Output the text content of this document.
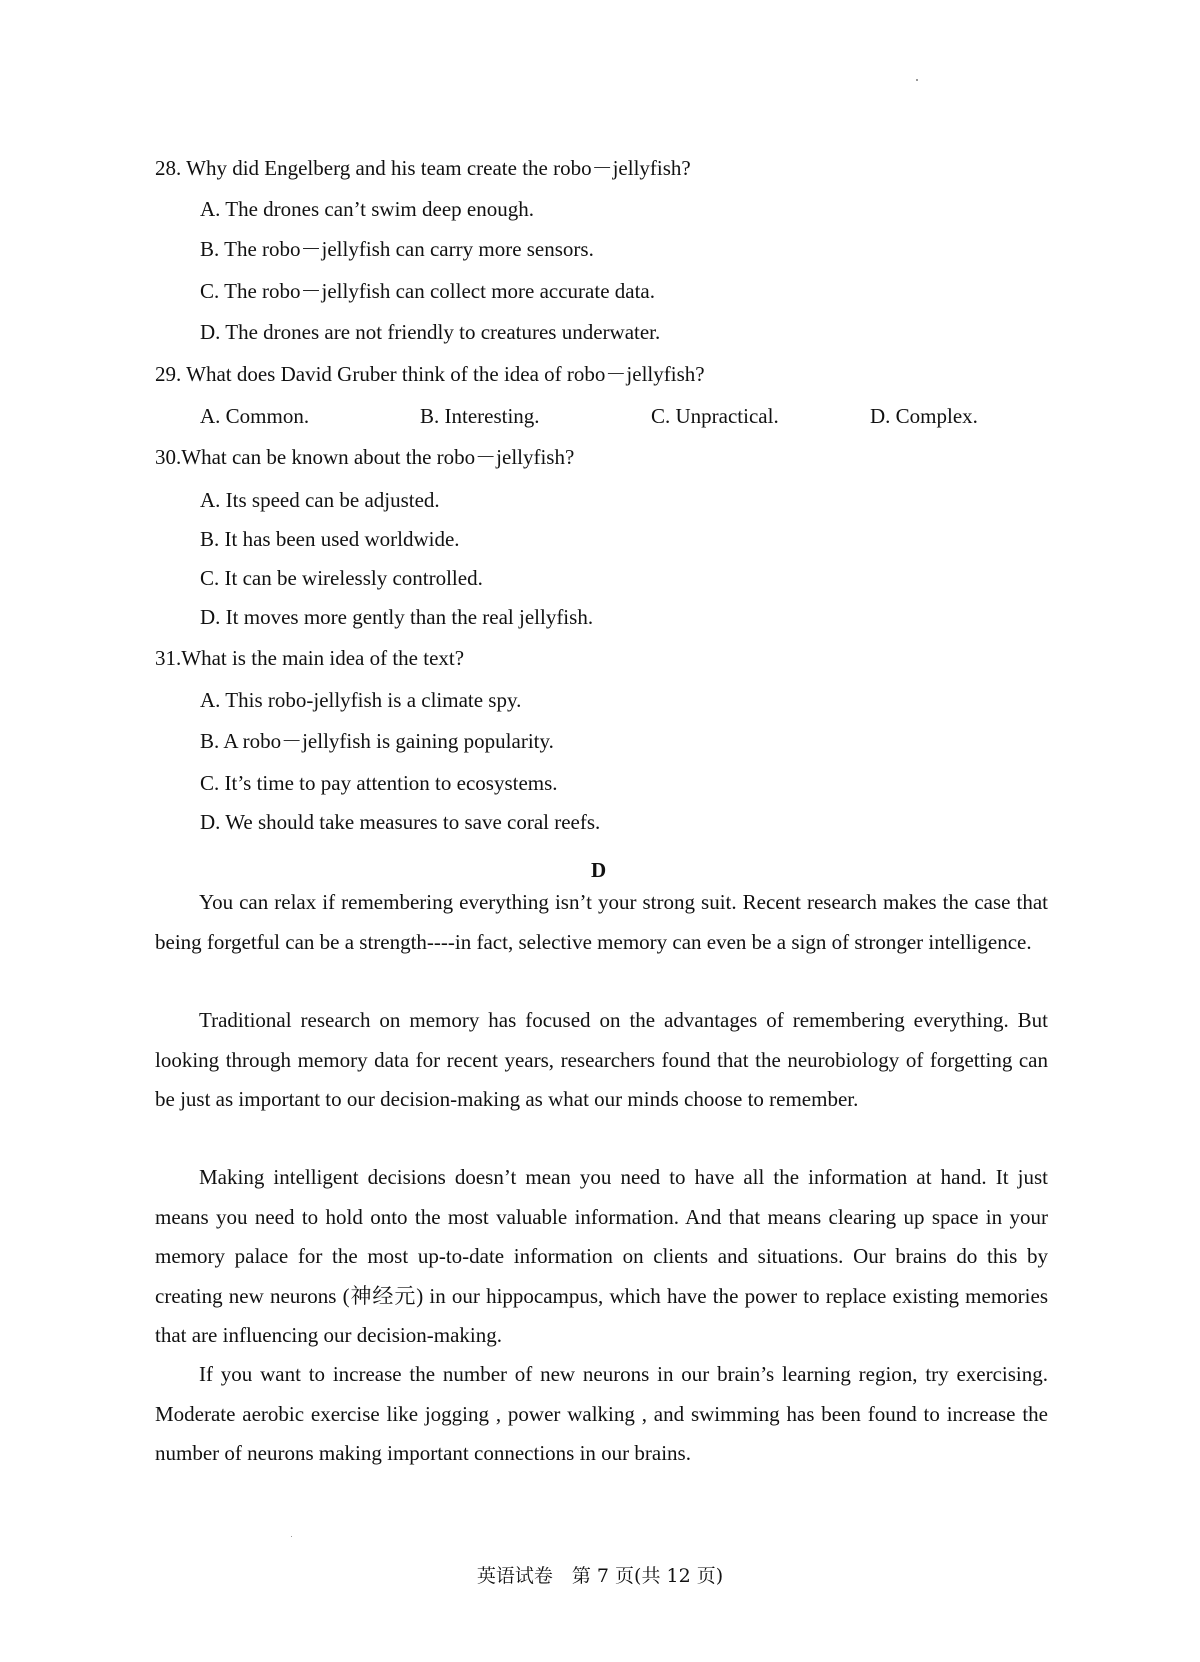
28. Why did Engelberg and his team create the robo－jellyfish?
A. The drones can’t swim deep enough.
B. The robo－jellyfish can carry more sensors.
C. The robo－jellyfish can collect more accurate data.
D. The drones are not friendly to creatures underwater.
29. What does David Gruber think of the idea of robo－jellyfish?
A. Common.	B. Interesting.	C. Unpractical.	D. Complex.
30.What can be known about the robo－jellyfish?
A. Its speed can be adjusted.
B. It has been used worldwide.
C. It can be wirelessly controlled.
D. It moves more gently than the real jellyfish.
31.What is the main idea of the text?
A. This robo-jellyfish is a climate spy.
B. A robo－jellyfish is gaining popularity.
C. It’s time to pay attention to ecosystems.
D. We should take measures to save coral reefs.
D

You can relax if remembering everything isn’t your strong suit. Recent research makes the case that being forgetful can be a strength----in fact, selective memory can even be a sign of stronger intelligence.

Traditional research on memory has focused on the advantages of remembering everything. But looking through memory data for recent years, researchers found that the neurobiology of forgetting can be just as important to our decision-making as what our minds choose to remember.

Making intelligent decisions doesn’t mean you need to have all the information at hand. It just means you need to hold onto the most valuable information. And that means clearing up space in your memory palace for the most up-to-date information on clients and situations. Our brains do this by creating new neurons (神经元) in our hippocampus, which have the power to replace existing memories that are influencing our decision-making.

If you want to increase the number of new neurons in our brain’s learning region, try exercising. Moderate aerobic exercise like jogging , power walking , and swimming has been found to increase the number of neurons making important connections in our brains.

英语试卷　第 7 页(共 12 页)
